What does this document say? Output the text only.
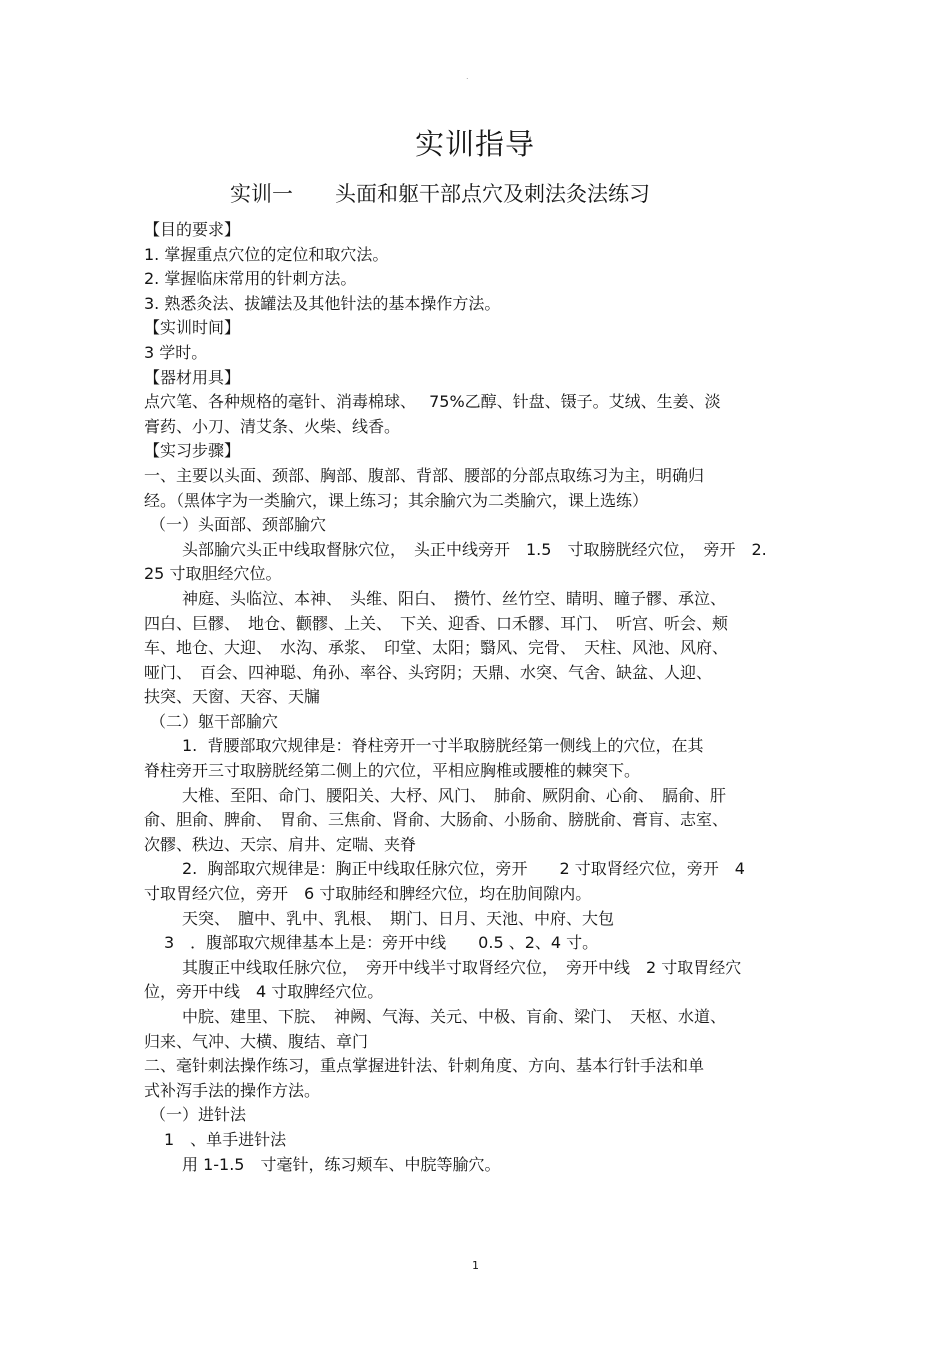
.
实训指导
实训一　　头面和躯干部点穴及刺法灸法练习
【目的要求】
1. 掌握重点穴位的定位和取穴法。
2. 掌握临床常用的针刺方法。
3. 熟悉灸法、拔罐法及其他针法的基本操作方法。
【实训时间】
3 学时。
【器材用具】
点穴笔、各种规格的毫针、消毒棉球、　 75%乙醇、针盘、镊子。艾绒、生姜、淡
膏药、小刀、清艾条、火柴、线香。
【实习步骤】
一、主要以头面、颈部、胸部、腹部、背部、腰部的分部点取练习为主，明确归
经。（黑体字为一类腧穴，课上练习；其余腧穴为二类腧穴，课上选练）
（一）头面部、颈部腧穴
头部腧穴头正中线取督脉穴位，　头正中线旁开　1.5　寸取膀胱经穴位，　旁开　2.
25 寸取胆经穴位。
神庭、头临泣、本神、　头维、阳白、　攒竹、丝竹空、睛明、瞳子髎、承泣、
四白、巨髎、　地仓、颧髎、上关、　下关、迎香、口禾髎、耳门、　听宫、听会、颊
车、地仓、大迎、　水沟、承浆、　印堂、太阳；翳风、完骨、　天柱、风池、风府、
哑门、　百会、四神聪、角孙、率谷、头窍阴；天鼎、水突、气舍、缺盆、人迎、
扶突、天窗、天容、天牖
（二）躯干部腧穴
1.  背腰部取穴规律是：脊柱旁开一寸半取膀胱经第一侧线上的穴位，在其
脊柱旁开三寸取膀胱经第二侧上的穴位，平相应胸椎或腰椎的棘突下。
大椎、至阳、命门、腰阳关、大杼、风门、　肺俞、厥阴俞、心俞、　膈俞、肝
俞、胆俞、脾俞、　胃俞、三焦俞、肾俞、大肠俞、小肠俞、膀胱俞、膏肓、志室、
次髎、秩边、天宗、肩井、定喘、夹脊
2.  胸部取穴规律是：胸正中线取任脉穴位，旁开　　2 寸取肾经穴位，旁开　4
寸取胃经穴位，旁开　6 寸取肺经和脾经穴位，均在肋间隙内。
天突、　膻中、乳中、乳根、　期门、日月、天池、中府、大包
3　．腹部取穴规律基本上是：旁开中线　　0.5 、2、4 寸。
其腹正中线取任脉穴位，　旁开中线半寸取肾经穴位，　旁开中线　2 寸取胃经穴
位，旁开中线　4 寸取脾经穴位。
中脘、建里、下脘、　神阙、气海、关元、中极、肓俞、梁门、　天枢、水道、
归来、气冲、大横、腹结、章门
二、毫针刺法操作练习，重点掌握进针法、针刺角度、方向、基本行针手法和单
式补泻手法的操作方法。
（一）进针法
1　、单手进针法
用 1-1.5　寸毫针，练习颊车、中脘等腧穴。
1
